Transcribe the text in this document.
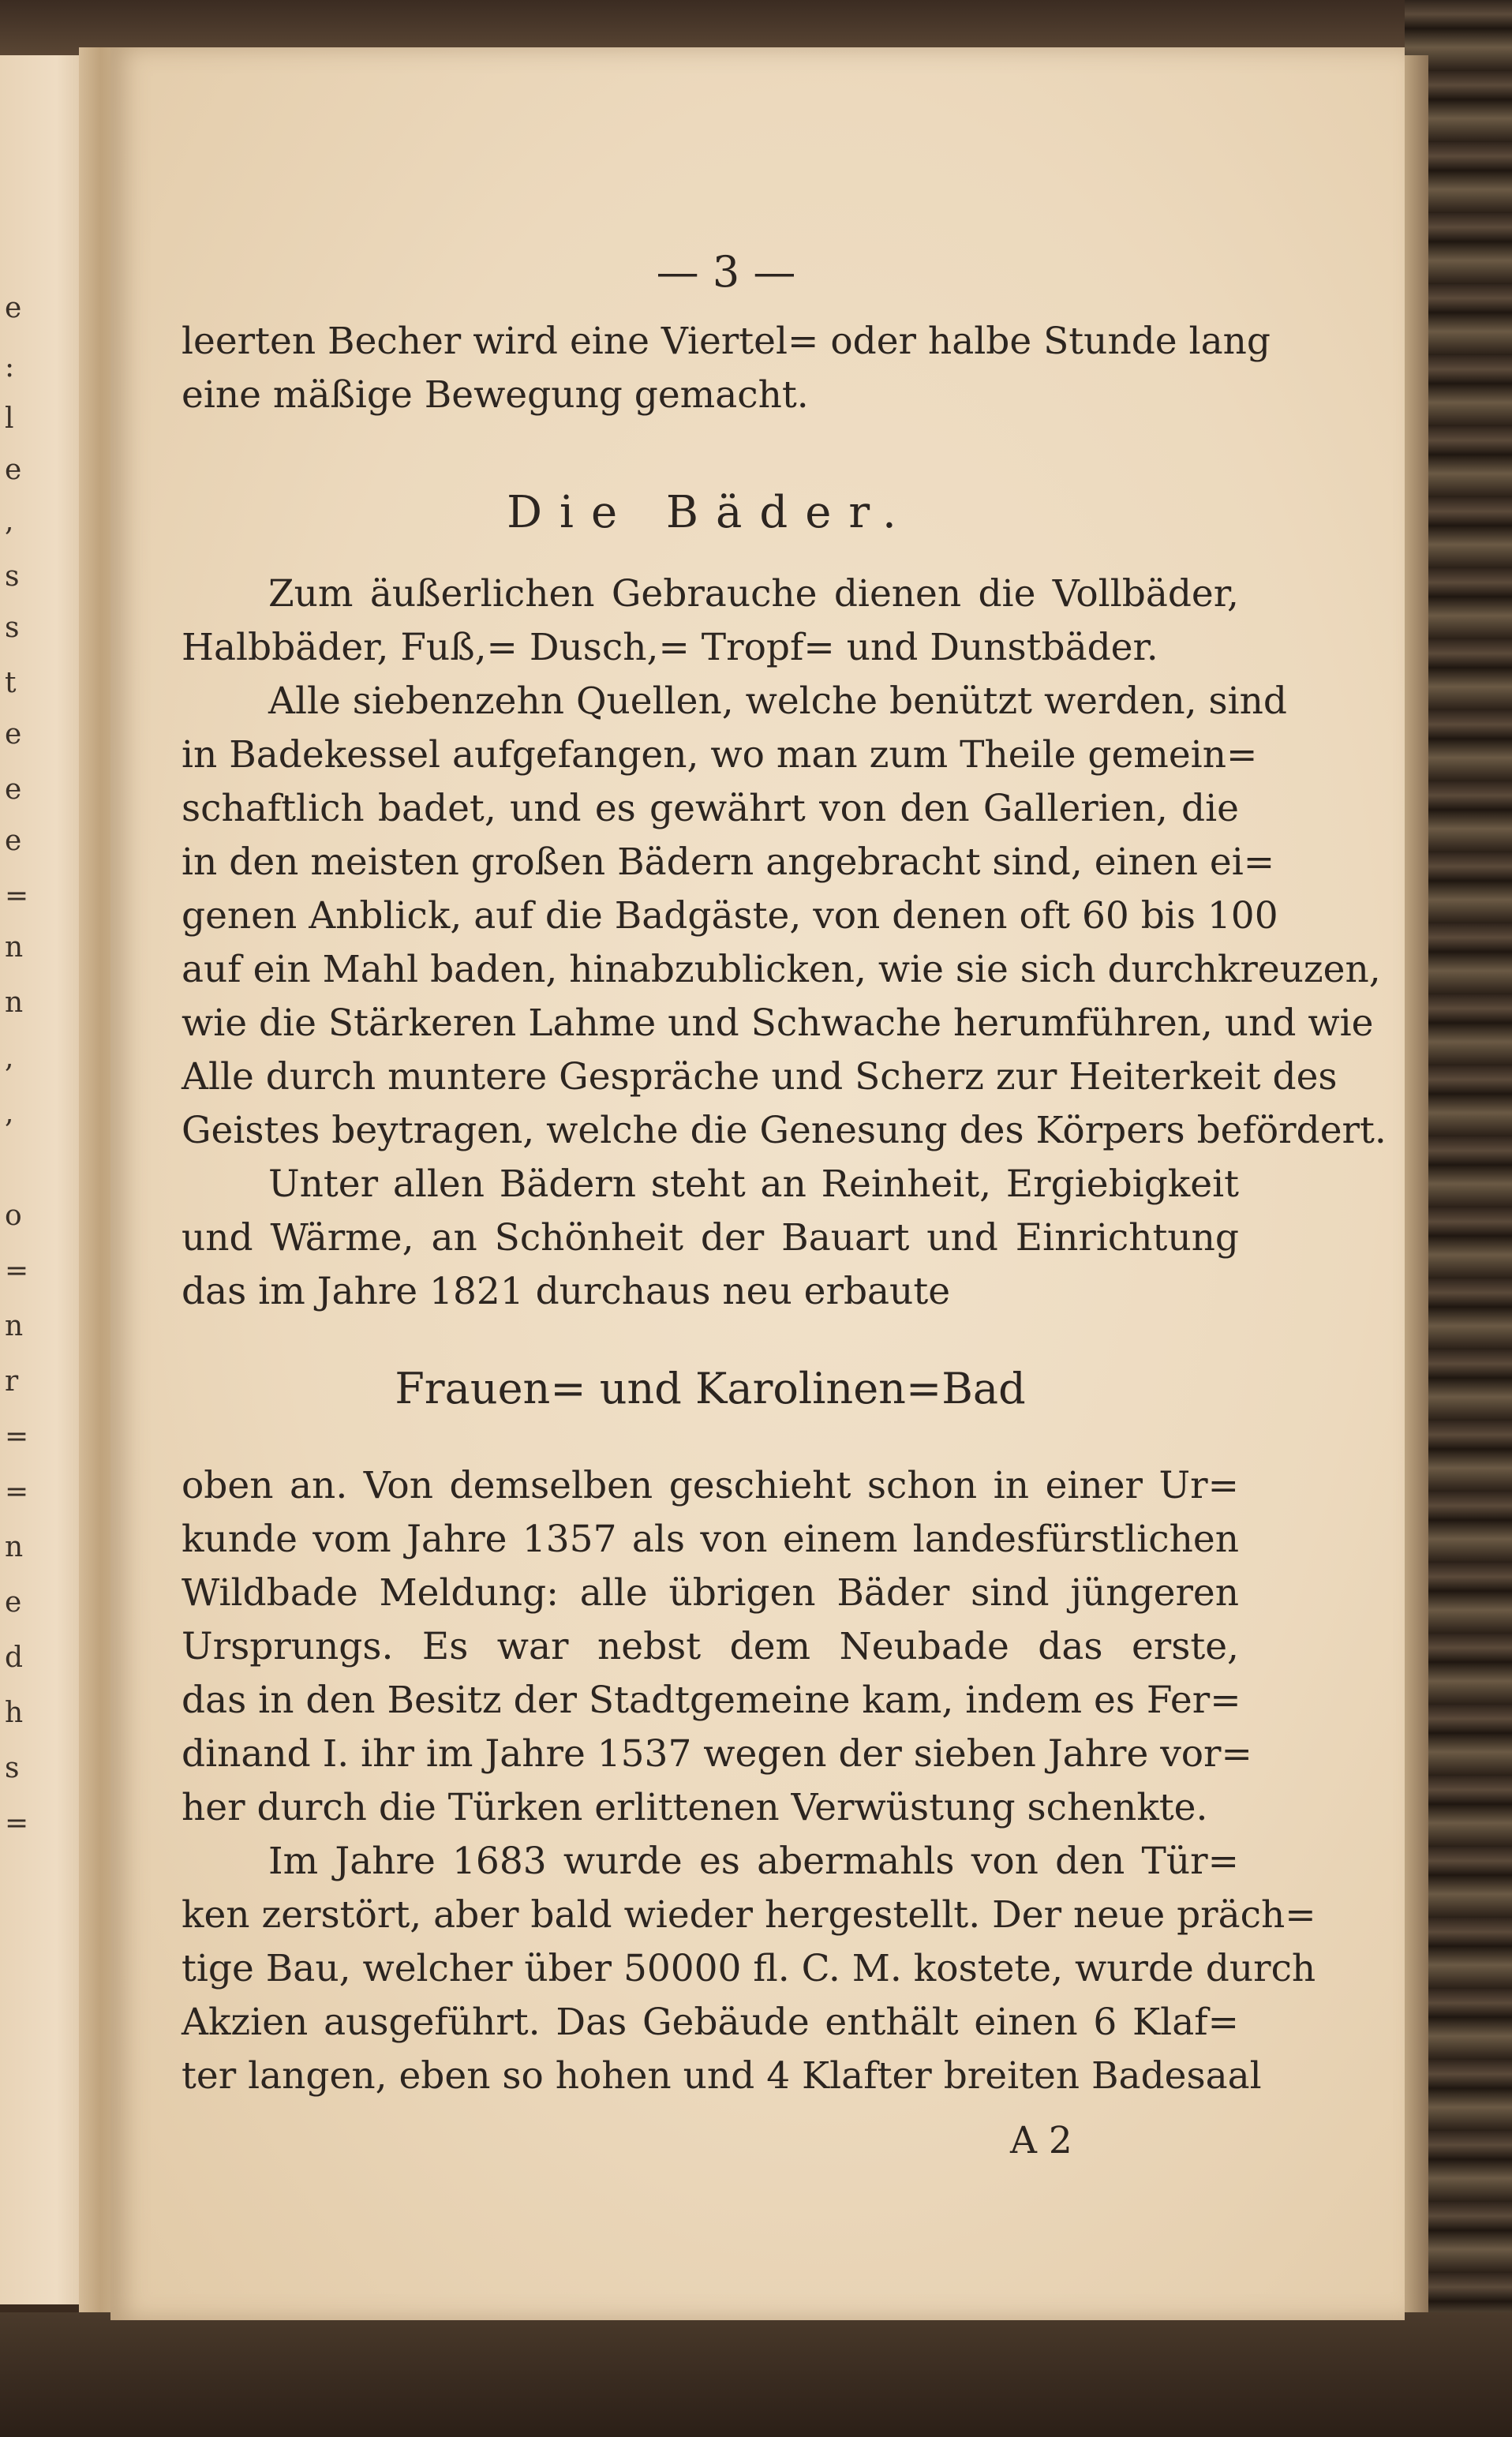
e
:
l
e
,
s
s
t
e
e
e
=
n
n
,
,
o
=
n
r
=
=
n
e
d
h
s
=
— 3 —
leerten Becher wird eine Viertel= oder halbe Stunde lang
eine mäßige Bewegung gemacht.
Die Bäder.
Zum äußerlichen Gebrauche dienen die Vollbäder,
Halbbäder, Fuß,= Dusch,= Tropf= und Dunstbäder.
Alle siebenzehn Quellen, welche benützt werden, sind
in Badekessel aufgefangen, wo man zum Theile gemein=
schaftlich badet, und es gewährt von den Gallerien, die
in den meisten großen Bädern angebracht sind, einen ei=
genen Anblick, auf die Badgäste, von denen oft 60 bis 100
auf ein Mahl baden, hinabzublicken, wie sie sich durchkreuzen,
wie die Stärkeren Lahme und Schwache herumführen, und wie
Alle durch muntere Gespräche und Scherz zur Heiterkeit des
Geistes beytragen, welche die Genesung des Körpers befördert.
Unter allen Bädern steht an Reinheit, Ergiebigkeit
und Wärme, an Schönheit der Bauart und Einrichtung
das im Jahre 1821 durchaus neu erbaute
Frauen= und Karolinen=Bad
oben an. Von demselben geschieht schon in einer Ur=
kunde vom Jahre 1357 als von einem landesfürstlichen
Wildbade Meldung: alle übrigen Bäder sind jüngeren
Ursprungs. Es war nebst dem Neubade das erste,
das in den Besitz der Stadtgemeine kam, indem es Fer=
dinand I. ihr im Jahre 1537 wegen der sieben Jahre vor=
her durch die Türken erlittenen Verwüstung schenkte.
Im Jahre 1683 wurde es abermahls von den Tür=
ken zerstört, aber bald wieder hergestellt. Der neue präch=
tige Bau, welcher über 50000 fl. C. M. kostete, wurde durch
Akzien ausgeführt. Das Gebäude enthält einen 6 Klaf=
ter langen, eben so hohen und 4 Klafter breiten Badesaal
A 2
